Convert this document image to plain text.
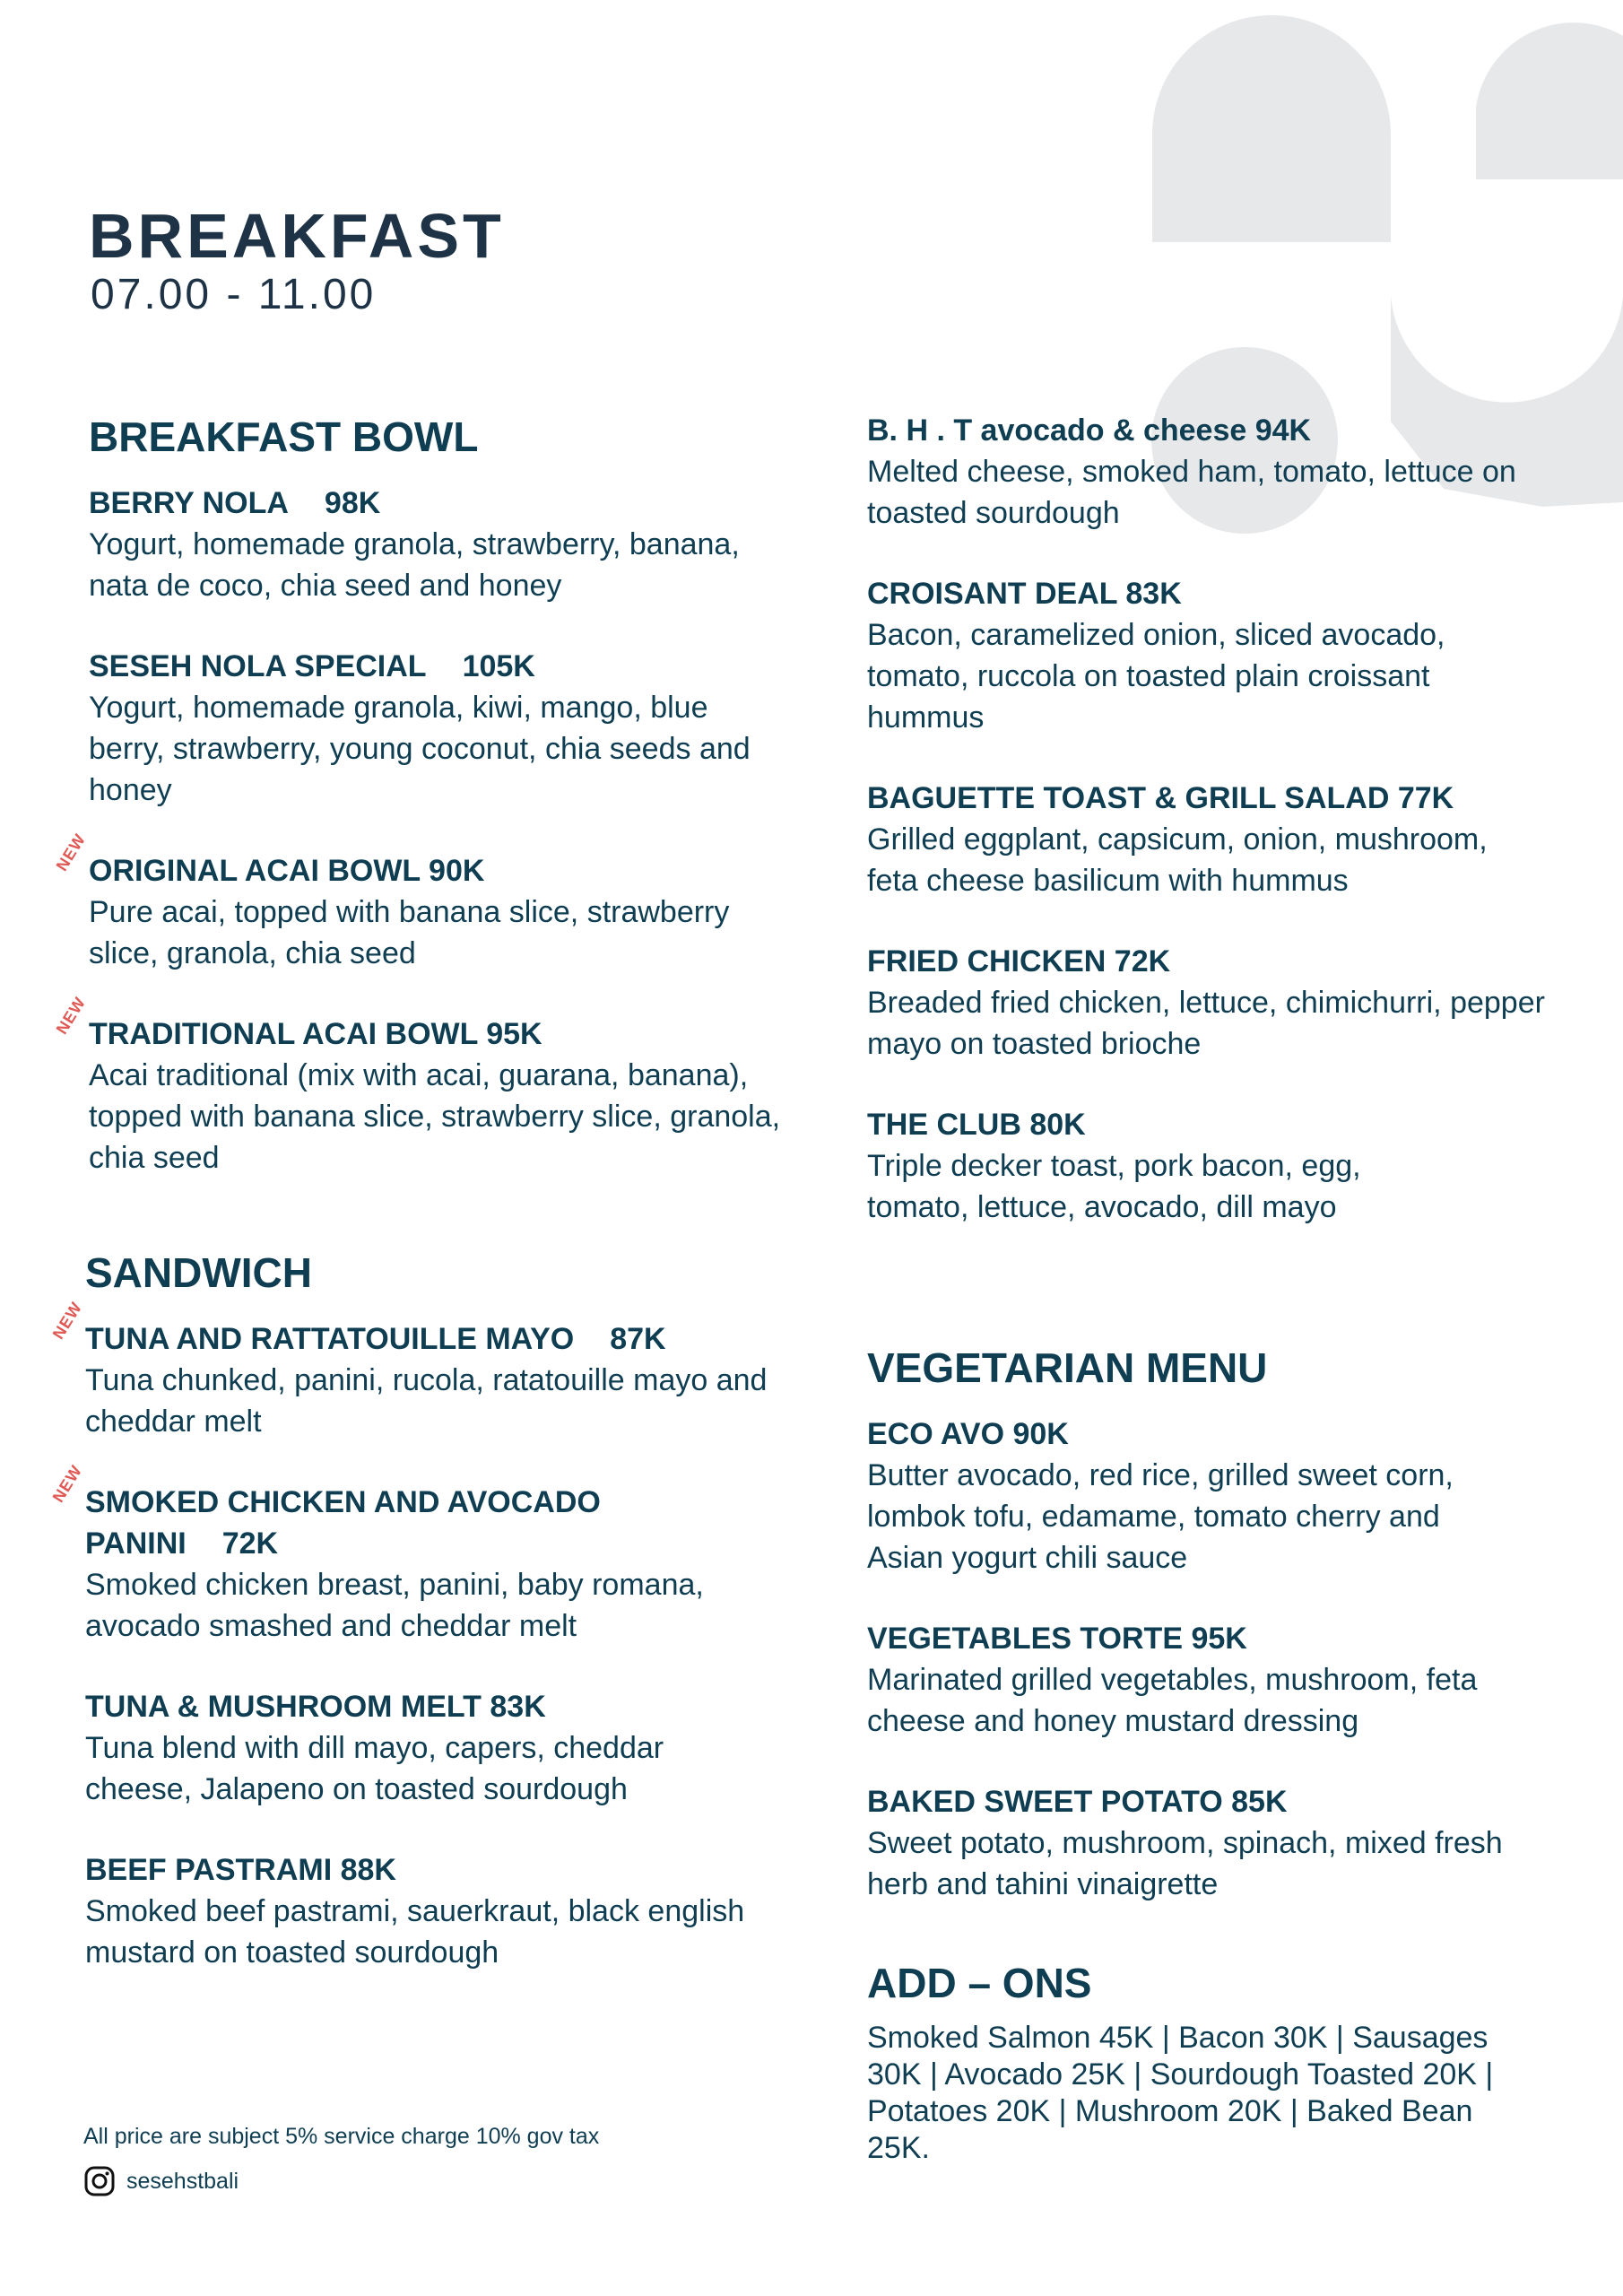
BREAKFAST
07.00 - 11.00
BREAKFAST BOWL
BERRY NOLA 98K
Yogurt, homemade granola, strawberry, banana, nata de coco, chia seed and honey
SESEH NOLA SPECIAL 105K
Yogurt, homemade granola, kiwi, mango, blue berry, strawberry, young coconut, chia seeds and honey
NEW ORIGINAL ACAI BOWL 90K
Pure acai, topped with banana slice, strawberry slice, granola, chia seed
NEW TRADITIONAL ACAI BOWL 95K
Acai traditional (mix with acai, guarana, banana), topped with banana slice, strawberry slice, granola, chia seed
SANDWICH
NEW TUNA AND RATTATOUILLE MAYO 87K
Tuna chunked, panini, rucola, ratatouille mayo and cheddar melt
NEW SMOKED CHICKEN AND AVOCADO PANINI 72K
Smoked chicken breast, panini, baby romana, avocado smashed and cheddar melt
TUNA & MUSHROOM MELT 83K
Tuna blend with dill mayo, capers, cheddar cheese, Jalapeno on toasted sourdough
BEEF PASTRAMI 88K
Smoked beef pastrami, sauerkraut, black english mustard on toasted sourdough
All price are subject 5% service charge 10% gov tax
sesehstbali
B. H . T avocado & cheese 94K
Melted cheese, smoked ham, tomato, lettuce on toasted sourdough
CROISANT DEAL 83K
Bacon, caramelized onion, sliced avocado, tomato, ruccola on toasted plain croissant hummus
BAGUETTE TOAST & GRILL SALAD 77K
Grilled eggplant, capsicum, onion, mushroom, feta cheese basilicum with hummus
FRIED CHICKEN 72K
Breaded fried chicken, lettuce, chimichurri, pepper mayo on toasted brioche
THE CLUB 80K
Triple decker toast, pork bacon, egg, tomato, lettuce, avocado, dill mayo
VEGETARIAN MENU
ECO AVO 90K
Butter avocado, red rice, grilled sweet corn, lombok tofu, edamame, tomato cherry and Asian yogurt chili sauce
VEGETABLES TORTE 95K
Marinated grilled vegetables, mushroom, feta cheese and honey mustard dressing
BAKED SWEET POTATO 85K
Sweet potato, mushroom, spinach, mixed fresh herb and tahini vinaigrette
ADD – ONS
Smoked Salmon 45K | Bacon 30K | Sausages 30K | Avocado 25K | Sourdough Toasted 20K | Potatoes 20K | Mushroom 20K | Baked Bean 25K.
